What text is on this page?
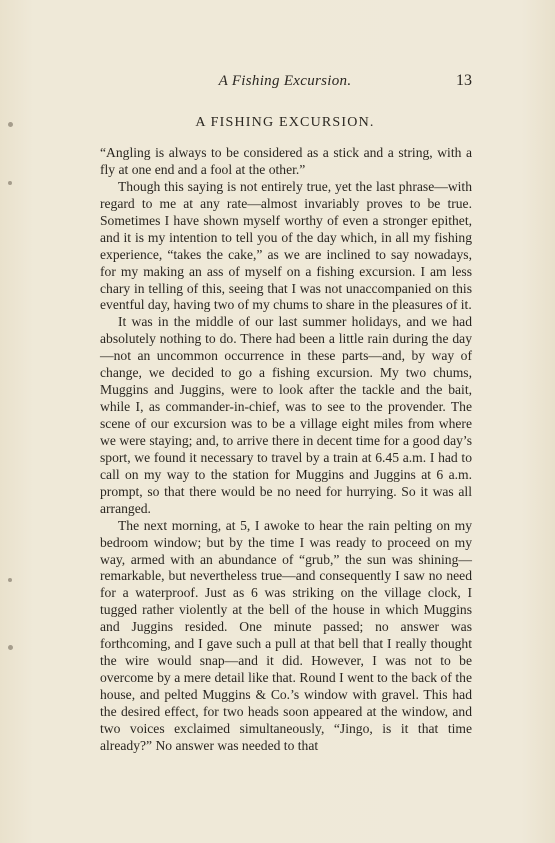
A Fishing Excursion.	13
A FISHING EXCURSION.

“Angling is always to be considered as a stick and a string, with a fly at one end and a fool at the other.”

Though this saying is not entirely true, yet the last phrase—with regard to me at any rate—almost invariably proves to be true. Sometimes I have shown myself worthy of even a stronger epithet, and it is my intention to tell you of the day which, in all my fishing experience, “takes the cake,” as we are inclined to say nowadays, for my making an ass of myself on a fishing excursion. I am less chary in telling of this, seeing that I was not unaccompanied on this eventful day, having two of my chums to share in the pleasures of it.

It was in the middle of our last summer holidays, and we had absolutely nothing to do. There had been a little rain during the day—not an uncommon occurrence in these parts—and, by way of change, we decided to go a fishing excursion. My two chums, Muggins and Juggins, were to look after the tackle and the bait, while I, as commander-in-chief, was to see to the provender. The scene of our excursion was to be a village eight miles from where we were staying; and, to arrive there in decent time for a good day’s sport, we found it necessary to travel by a train at 6.45 a.m. I had to call on my way to the station for Muggins and Juggins at 6 a.m. prompt, so that there would be no need for hurrying. So it was all arranged.

The next morning, at 5, I awoke to hear the rain pelting on my bedroom window; but by the time I was ready to proceed on my way, armed with an abundance of “grub,” the sun was shining—remarkable, but nevertheless true—and consequently I saw no need for a waterproof. Just as 6 was striking on the village clock, I tugged rather violently at the bell of the house in which Muggins and Juggins resided. One minute passed; no answer was forthcoming, and I gave such a pull at that bell that I really thought the wire would snap—and it did. However, I was not to be overcome by a mere detail like that. Round I went to the back of the house, and pelted Muggins & Co.’s window with gravel. This had the desired effect, for two heads soon appeared at the window, and two voices exclaimed simultaneously, “Jingo, is it that time already?” No answer was needed to that
